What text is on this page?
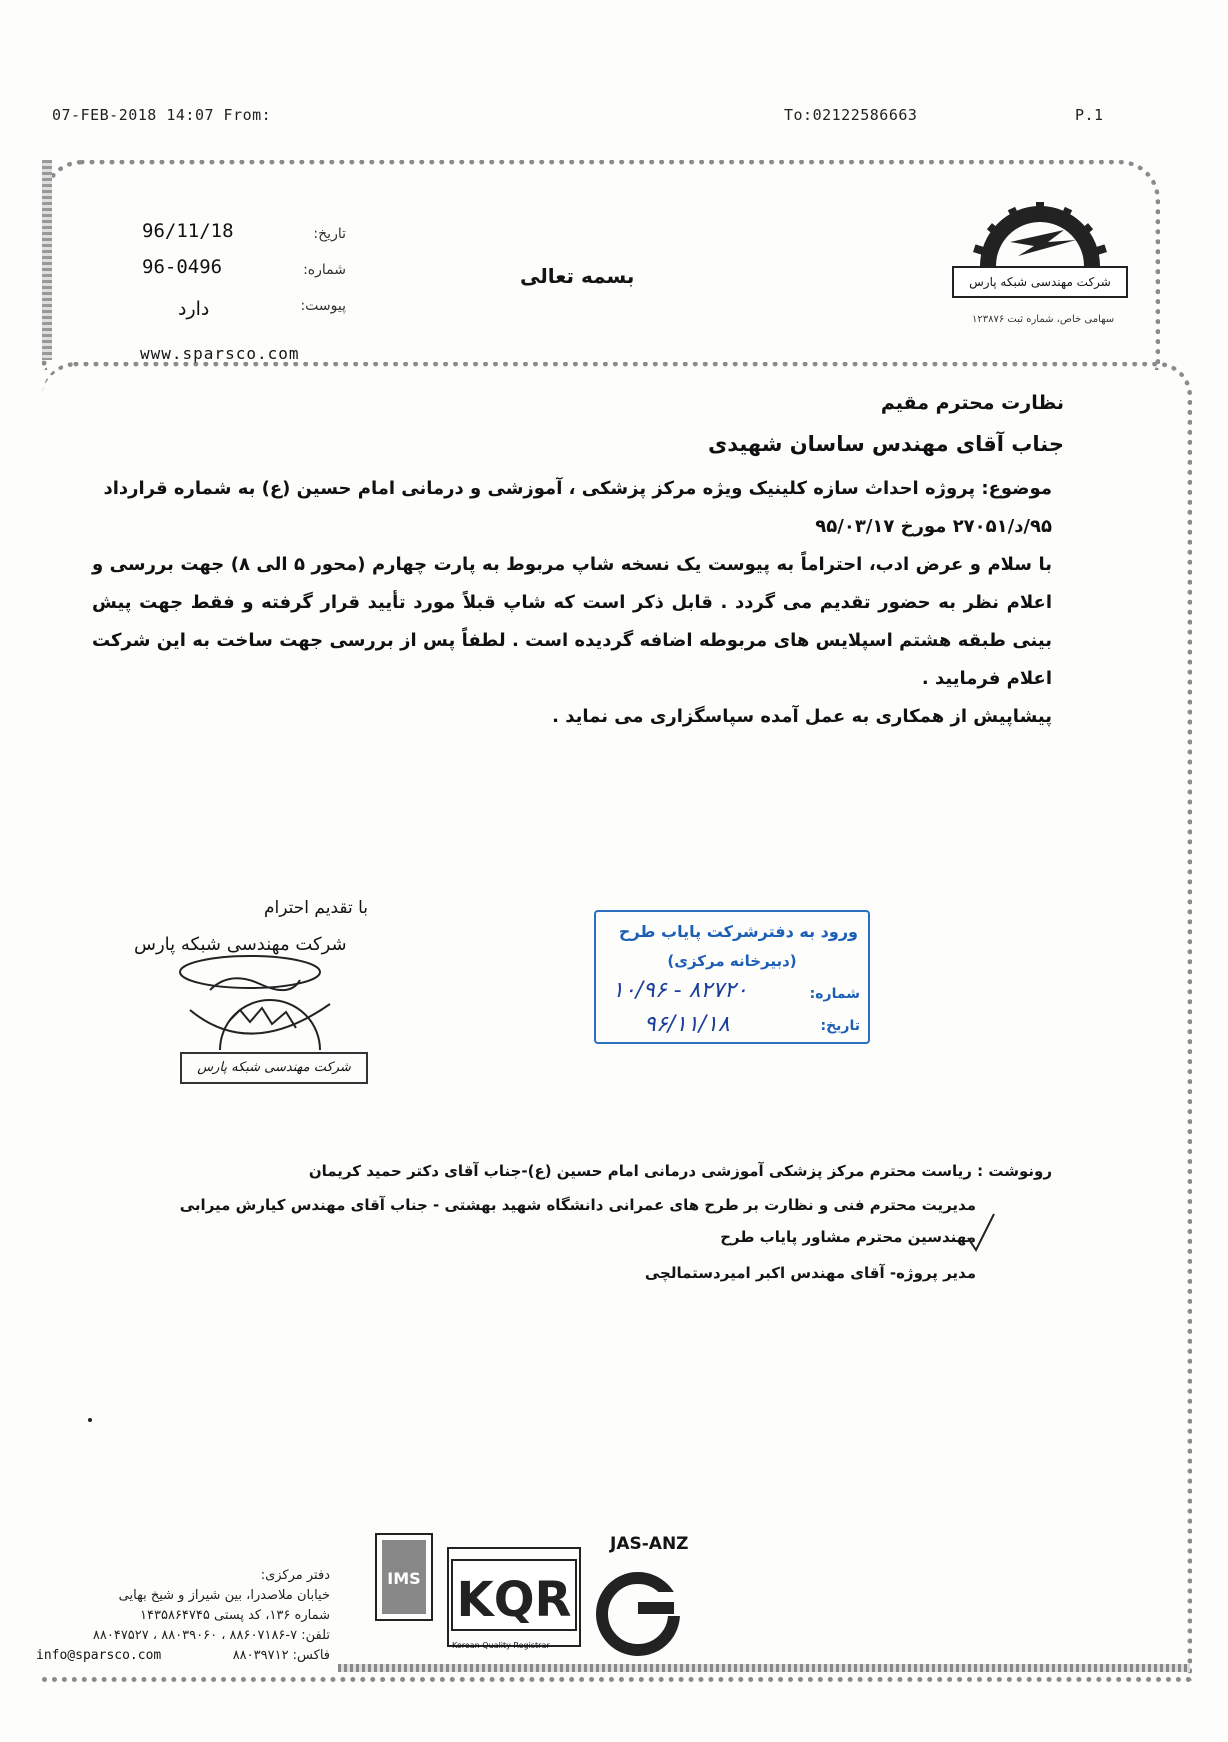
07-FEB-2018 14:07 From:	To:02122586663	P.1
تاریخ:
96/11/18
شماره:
96-0496
پیوست:
دارد
www.sparsco.com
بسمه تعالی	شرکت مهندسی شبکه پارس
سهامی خاص، شماره ثبت ۱۲۳۸۷۶
نظارت محترم مقیم
جناب آقای مهندس ساسان شهیدی
موضوع: پروژه احداث سازه کلینیک ویژه مرکز پزشکی ، آموزشی و درمانی امام حسین (ع) به شماره قرارداد
۹۵/د/۲۷۰۵۱ مورخ ۹۵/۰۳/۱۷
با سلام و عرض ادب، احتراماً به پیوست یک نسخه شاپ مربوط به پارت چهارم (محور ۵ الی ۸) جهت بررسی و اعلام نظر به حضور تقدیم می گردد . قابل ذکر است که شاپ قبلاً مورد تأیید قرار گرفته و فقط جهت پیش بینی طبقه هشتم اسپلایس های مربوطه اضافه گردیده است . لطفاً پس از بررسی جهت ساخت به این شرکت اعلام فرمایید .
پیشاپیش از همکاری به عمل آمده سپاسگزاری می نماید .
با تقدیم احترام
شرکت مهندسی شبکه پارس
شرکت مهندسی شبکه پارس
ورود به دفترشرکت پایاب طرح
(دبیرخانه مرکزی)
شماره:
۱۰/۹۶ - ۸۲۷۲۰
تاریخ:
۹۶/۱۱/۱۸
رونوشت : ریاست محترم مرکز پزشکی آموزشی درمانی امام حسین (ع)-جناب آقای دکتر حمید کریمان
مدیریت محترم فنی و نظارت بر طرح های عمرانی دانشگاه شهید بهشتی - جناب آقای مهندس کیارش میرابی
مهندسین محترم مشاور پایاب طرح
مدیر پروژه- آقای مهندس اکبر امیردستمالچی
دفتر مرکزی:
خیابان ملاصدرا، بین شیراز و شیخ بهایی
شماره ۱۳۶، کد پستی ۱۴۳۵۸۶۴۷۴۵
تلفن: ۷-۸۸۶۰۷۱۸۶ ، ۸۸۰۳۹۰۶۰ ، ۸۸۰۴۷۵۲۷
info@sparsco.com	فاکس: ۸۸۰۳۹۷۱۲
IMS KQR
JAS-ANZ
Korean Quality Registrar
